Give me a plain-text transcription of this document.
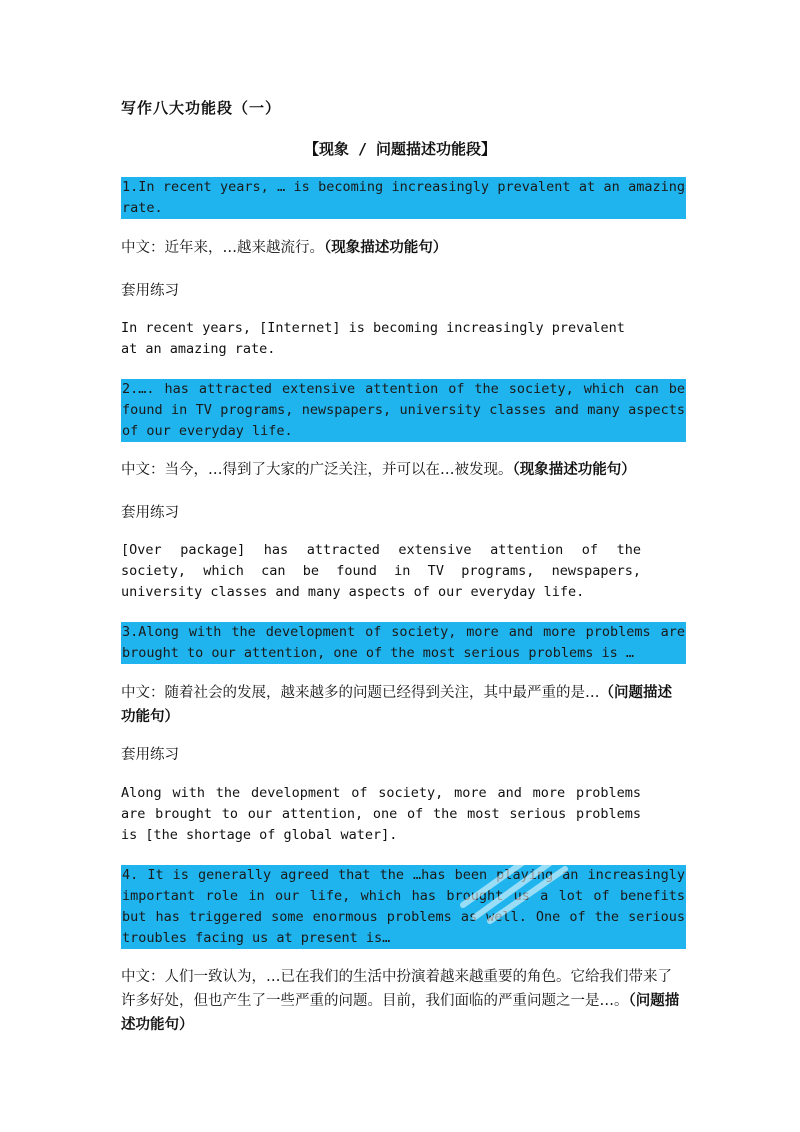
写作八大功能段（一）
【现象 / 问题描述功能段】
1.In recent years, … is becoming increasingly prevalent at an amazing rate.
中文：近年来，…越来越流行。（现象描述功能句）
套用练习
In recent years, [Internet] is becoming increasingly prevalent at an amazing rate.
2.…. has attracted extensive attention of the society, which can be found in TV programs, newspapers, university classes and many aspects of our everyday life.
中文：当今，…得到了大家的广泛关注，并可以在…被发现。（现象描述功能句）
套用练习
[Over package] has attracted extensive attention of the society, which can be found in TV programs, newspapers, university classes and many aspects of our everyday life.
3.Along with the development of society, more and more problems are brought to our attention, one of the most serious problems is …
中文：随着社会的发展，越来越多的问题已经得到关注，其中最严重的是…（问题描述功能句）
套用练习
Along with the development of society, more and more problems are brought to our attention, one of the most serious problems is [the shortage of global water].
4. It is generally agreed that the …has been playing an increasingly important role in our life, which has brought us a lot of benefits but has triggered some enormous problems as well. One of the serious troubles facing us at present is…
中文：人们一致认为，…已在我们的生活中扮演着越来越重要的角色。它给我们带来了许多好处，但也产生了一些严重的问题。目前，我们面临的严重问题之一是…。（问题描述功能句）
